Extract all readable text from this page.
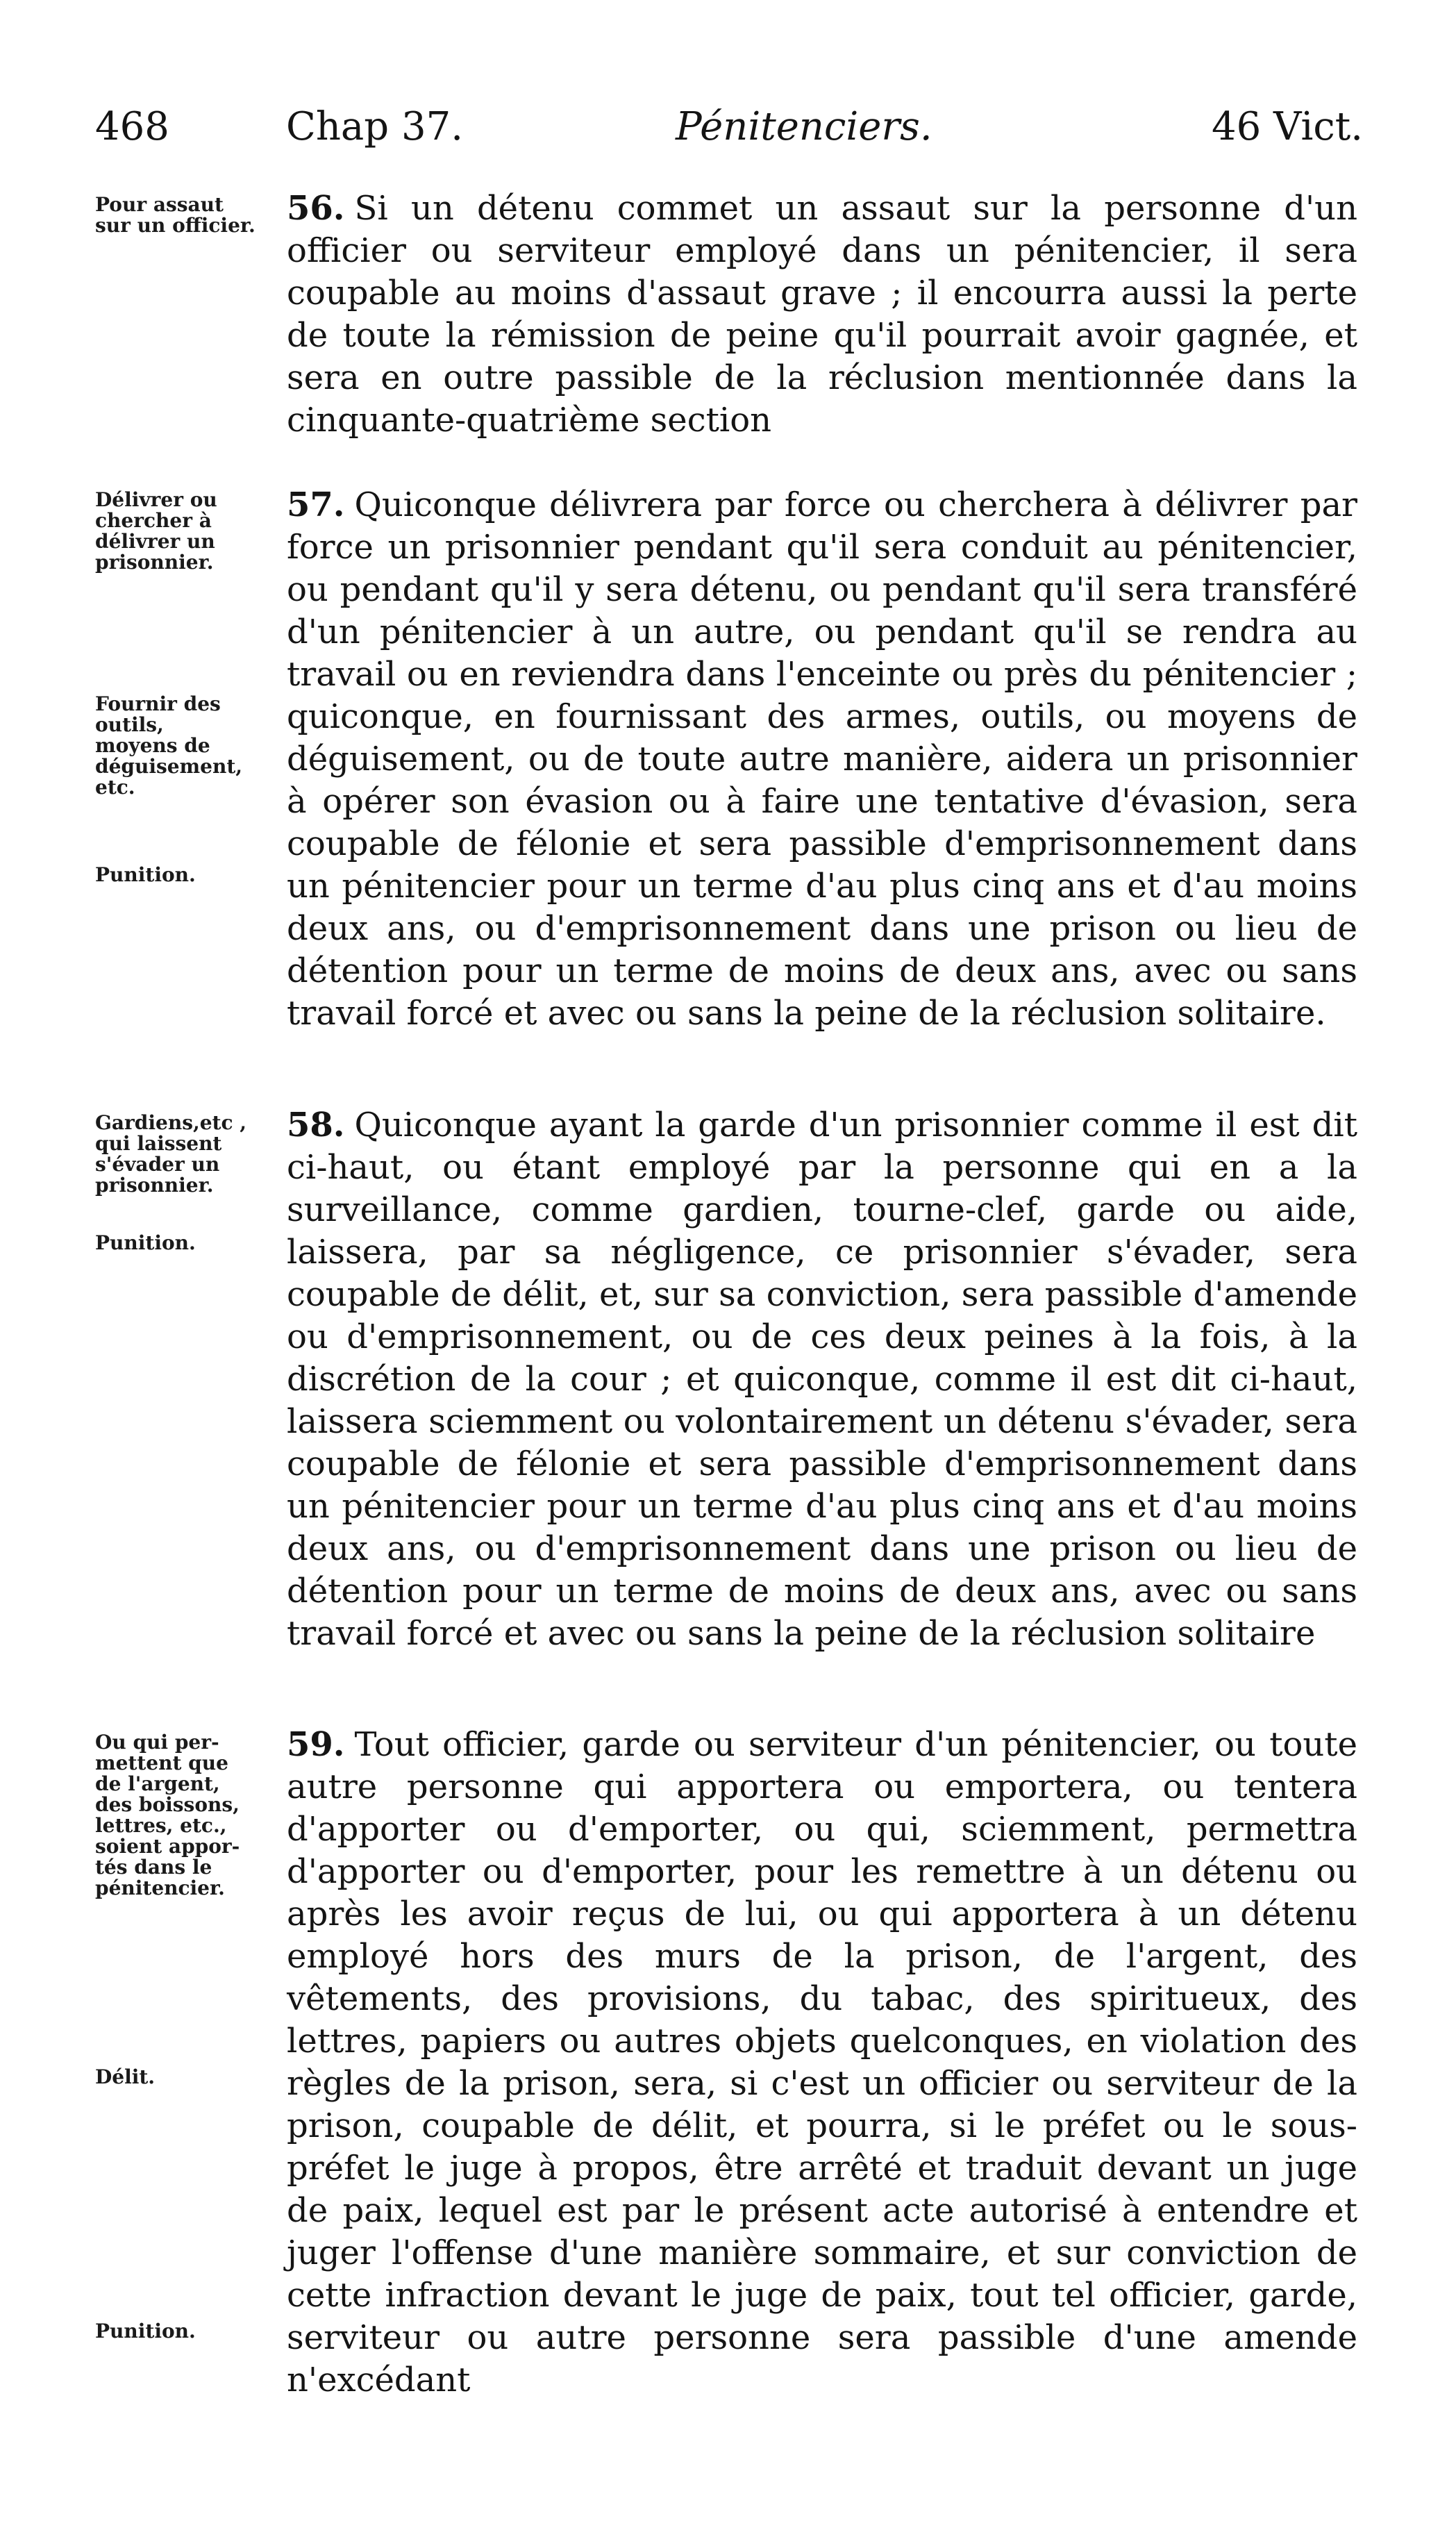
468	Chap 37.	Pénitenciers.	46 Vict.
Pour assaut
sur un officier. 56. Si un détenu commet un assaut sur la personne d'un officier ou serviteur employé dans un pénitencier, il sera coupable au moins d'assaut grave ; il encourra aussi la perte de toute la rémission de peine qu'il pourrait avoir gagnée, et sera en outre passible de la réclusion mentionnée dans la cinquante-quatrième section

Délivrer ou
chercher à
délivrer un
prisonnier.
Fournir des
outils,
moyens de
déguisement,
etc.
Punition.

57. Quiconque délivrera par force ou cherchera à délivrer par force un prisonnier pendant qu'il sera conduit au pénitencier, ou pendant qu'il y sera détenu, ou pendant qu'il sera transféré d'un pénitencier à un autre, ou pendant qu'il se rendra au travail ou en reviendra dans l'enceinte ou près du pénitencier ; quiconque, en fournissant des armes, outils, ou moyens de déguisement, ou de toute autre manière, aidera un prisonnier à opérer son évasion ou à faire une tentative d'évasion, sera coupable de félonie et sera passible d'emprisonnement dans un pénitencier pour un terme d'au plus cinq ans et d'au moins deux ans, ou d'emprisonnement dans une prison ou lieu de détention pour un terme de moins de deux ans, avec ou sans travail forcé et avec ou sans la peine de la réclusion solitaire.

Gardiens,etc ,
qui laissent
s'évader un
prisonnier.
Punition.

58. Quiconque ayant la garde d'un prisonnier comme il est dit ci-haut, ou étant employé par la personne qui en a la surveillance, comme gardien, tourne-clef, garde ou aide, laissera, par sa négligence, ce prisonnier s'évader, sera coupable de délit, et, sur sa conviction, sera passible d'amende ou d'emprisonnement, ou de ces deux peines à la fois, à la discrétion de la cour ; et quiconque, comme il est dit ci-haut, laissera sciemment ou volontairement un détenu s'évader, sera coupable de félonie et sera passible d'emprisonnement dans un pénitencier pour un terme d'au plus cinq ans et d'au moins deux ans, ou d'emprisonnement dans une prison ou lieu de détention pour un terme de moins de deux ans, avec ou sans travail forcé et avec ou sans la peine de la réclusion solitaire

Ou qui per-
mettent que
de l'argent,
des boissons,
lettres, etc.,
soient appor-
tés dans le
pénitencier.
Délit.
Punition.

59. Tout officier, garde ou serviteur d'un pénitencier, ou toute autre personne qui apportera ou emportera, ou tentera d'apporter ou d'emporter, ou qui, sciemment, permettra d'apporter ou d'emporter, pour les remettre à un détenu ou après les avoir reçus de lui, ou qui apportera à un détenu employé hors des murs de la prison, de l'argent, des vêtements, des provisions, du tabac, des spiritueux, des lettres, papiers ou autres objets quelconques, en violation des règles de la prison, sera, si c'est un officier ou serviteur de la prison, coupable de délit, et pourra, si le préfet ou le sous-préfet le juge à propos, être arrêté et traduit devant un juge de paix, lequel est par le présent acte autorisé à entendre et juger l'offense d'une manière sommaire, et sur conviction de cette infraction devant le juge de paix, tout tel officier, garde, serviteur ou autre personne sera passible d'une amende n'excédant
